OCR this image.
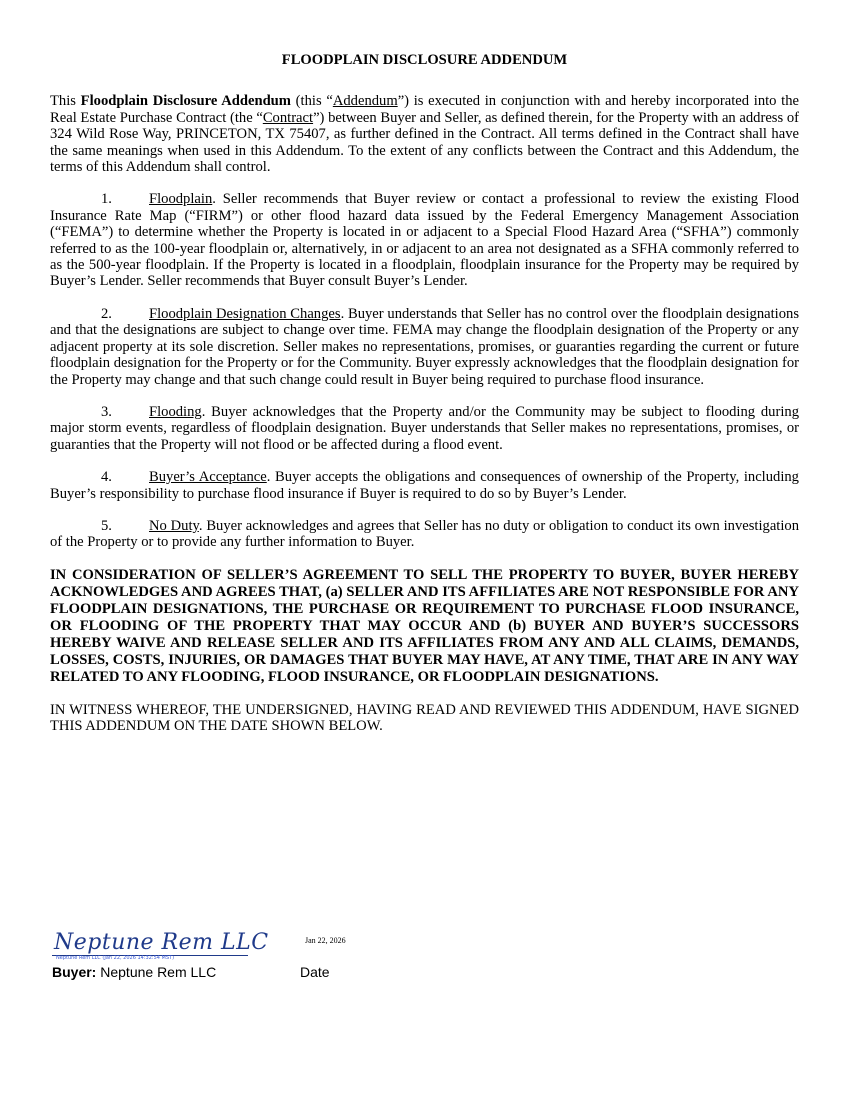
FLOODPLAIN DISCLOSURE ADDENDUM

This Floodplain Disclosure Addendum (this “Addendum”) is executed in conjunction with and hereby incorporated into the Real Estate Purchase Contract (the “Contract”) between Buyer and Seller, as defined therein, for the Property with an address of 324 Wild Rose Way, PRINCETON, TX 75407, as further defined in the Contract. All terms defined in the Contract shall have the same meanings when used in this Addendum. To the extent of any conflicts between the Contract and this Addendum, the terms of this Addendum shall control.

1.	Floodplain. Seller recommends that Buyer review or contact a professional to review the existing Flood Insurance Rate Map (“FIRM”) or other flood hazard data issued by the Federal Emergency Management Association (“FEMA”) to determine whether the Property is located in or adjacent to a Special Flood Hazard Area (“SFHA”) commonly referred to as the 100-year floodplain or, alternatively, in or adjacent to an area not designated as a SFHA commonly referred to as the 500-year floodplain. If the Property is located in a floodplain, floodplain insurance for the Property may be required by Buyer’s Lender. Seller recommends that Buyer consult Buyer’s Lender.

2.	Floodplain Designation Changes. Buyer understands that Seller has no control over the floodplain designations and that the designations are subject to change over time. FEMA may change the floodplain designation of the Property or any adjacent property at its sole discretion. Seller makes no representations, promises, or guaranties regarding the current or future floodplain designation for the Property or for the Community. Buyer expressly acknowledges that the floodplain designation for the Property may change and that such change could result in Buyer being required to purchase flood insurance.

3.	Flooding. Buyer acknowledges that the Property and/or the Community may be subject to flooding during major storm events, regardless of floodplain designation. Buyer understands that Seller makes no representations, promises, or guaranties that the Property will not flood or be affected during a flood event.

4.	Buyer’s Acceptance. Buyer accepts the obligations and consequences of ownership of the Property, including Buyer’s responsibility to purchase flood insurance if Buyer is required to do so by Buyer’s Lender.

5.	No Duty. Buyer acknowledges and agrees that Seller has no duty or obligation to conduct its own investigation of the Property or to provide any further information to Buyer.

IN CONSIDERATION OF SELLER’S AGREEMENT TO SELL THE PROPERTY TO BUYER, BUYER HEREBY ACKNOWLEDGES AND AGREES THAT, (a) SELLER AND ITS AFFILIATES ARE NOT RESPONSIBLE FOR ANY FLOODPLAIN DESIGNATIONS, THE PURCHASE OR REQUIREMENT TO PURCHASE FLOOD INSURANCE, OR FLOODING OF THE PROPERTY THAT MAY OCCUR AND (b) BUYER AND BUYER’S SUCCESSORS HEREBY WAIVE AND RELEASE SELLER AND ITS AFFILIATES FROM ANY AND ALL CLAIMS, DEMANDS, LOSSES, COSTS, INJURIES, OR DAMAGES THAT BUYER MAY HAVE, AT ANY TIME, THAT ARE IN ANY WAY RELATED TO ANY FLOODING, FLOOD INSURANCE, OR FLOODPLAIN DESIGNATIONS.

IN WITNESS WHEREOF, THE UNDERSIGNED, HAVING READ AND REVIEWED THIS ADDENDUM, HAVE SIGNED THIS ADDENDUM ON THE DATE SHOWN BELOW.

Neptune Rem LLC
Neptune Rem LLC (Jan 22, 2026 14:32:54 MST)
Jan 22, 2026
Buyer: Neptune Rem LLC	Date
